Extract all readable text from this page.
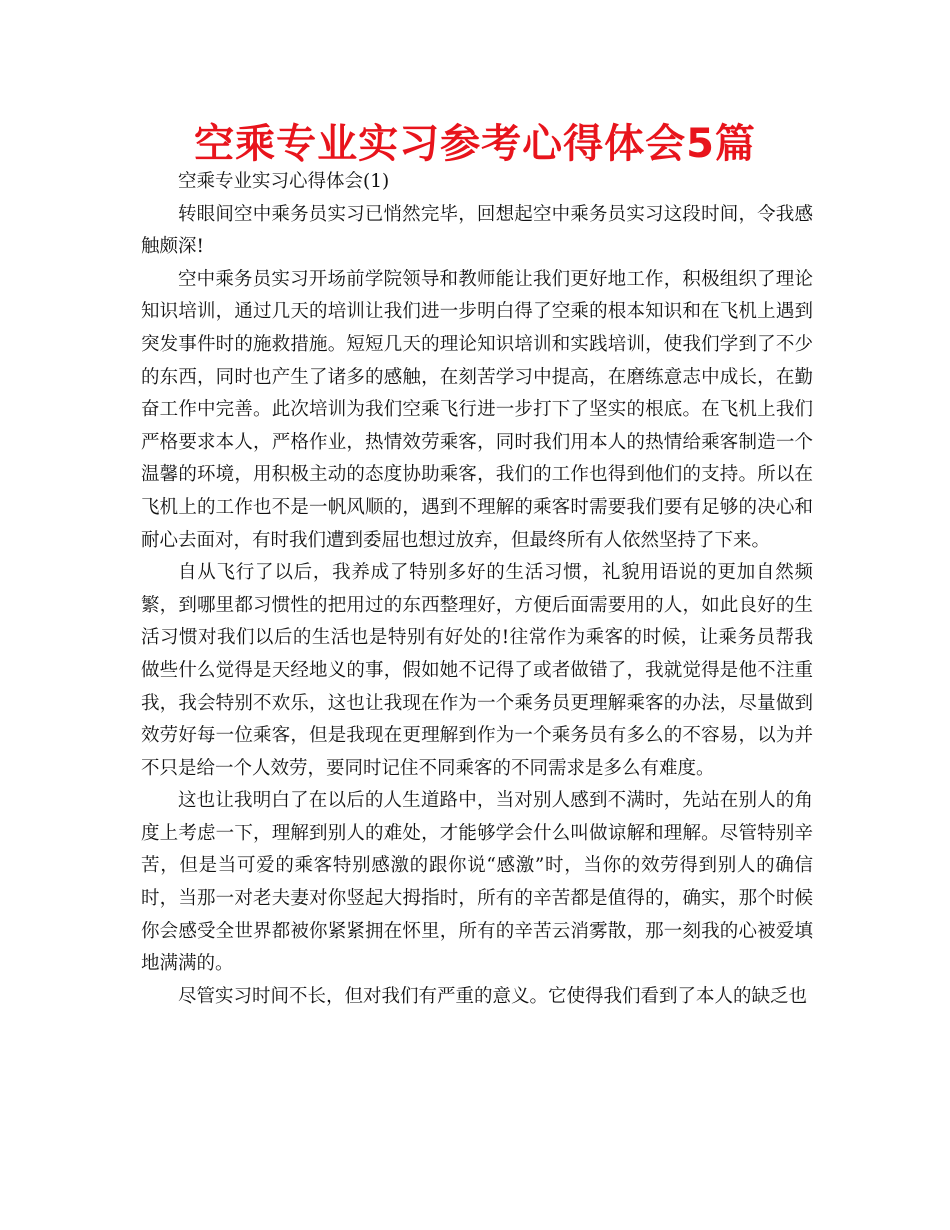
空乘专业实习参考心得体会5篇

空乘专业实习心得体会(1)

转眼间空中乘务员实习已悄然完毕，回想起空中乘务员实习这段时间，令我感触颇深!

空中乘务员实习开场前学院领导和教师能让我们更好地工作，积极组织了理论知识培训，通过几天的培训让我们进一步明白得了空乘的根本知识和在飞机上遇到突发事件时的施救措施。短短几天的理论知识培训和实践培训，使我们学到了不少的东西，同时也产生了诸多的感触，在刻苦学习中提高，在磨练意志中成长，在勤奋工作中完善。此次培训为我们空乘飞行进一步打下了坚实的根底。在飞机上我们严格要求本人，严格作业，热情效劳乘客，同时我们用本人的热情给乘客制造一个温馨的环境，用积极主动的态度协助乘客，我们的工作也得到他们的支持。所以在飞机上的工作也不是一帆风顺的，遇到不理解的乘客时需要我们要有足够的决心和耐心去面对，有时我们遭到委屈也想过放弃，但最终所有人依然坚持了下来。

自从飞行了以后，我养成了特别多好的生活习惯，礼貌用语说的更加自然频繁，到哪里都习惯性的把用过的东西整理好，方便后面需要用的人，如此良好的生活习惯对我们以后的生活也是特别有好处的!往常作为乘客的时候，让乘务员帮我做些什么觉得是天经地义的事，假如她不记得了或者做错了，我就觉得是他不注重我，我会特别不欢乐，这也让我现在作为一个乘务员更理解乘客的办法，尽量做到效劳好每一位乘客，但是我现在更理解到作为一个乘务员有多么的不容易，以为并不只是给一个人效劳，要同时记住不同乘客的不同需求是多么有难度。

这也让我明白了在以后的人生道路中，当对别人感到不满时，先站在别人的角度上考虑一下，理解到别人的难处，才能够学会什么叫做谅解和理解。尽管特别辛苦，但是当可爱的乘客特别感激的跟你说“感激”时，当你的效劳得到别人的确信时，当那一对老夫妻对你竖起大拇指时，所有的辛苦都是值得的，确实，那个时候你会感受全世界都被你紧紧拥在怀里，所有的辛苦云消雾散，那一刻我的心被爱填地满满的。

尽管实习时间不长，但对我们有严重的意义。它使得我们看到了本人的缺乏也
